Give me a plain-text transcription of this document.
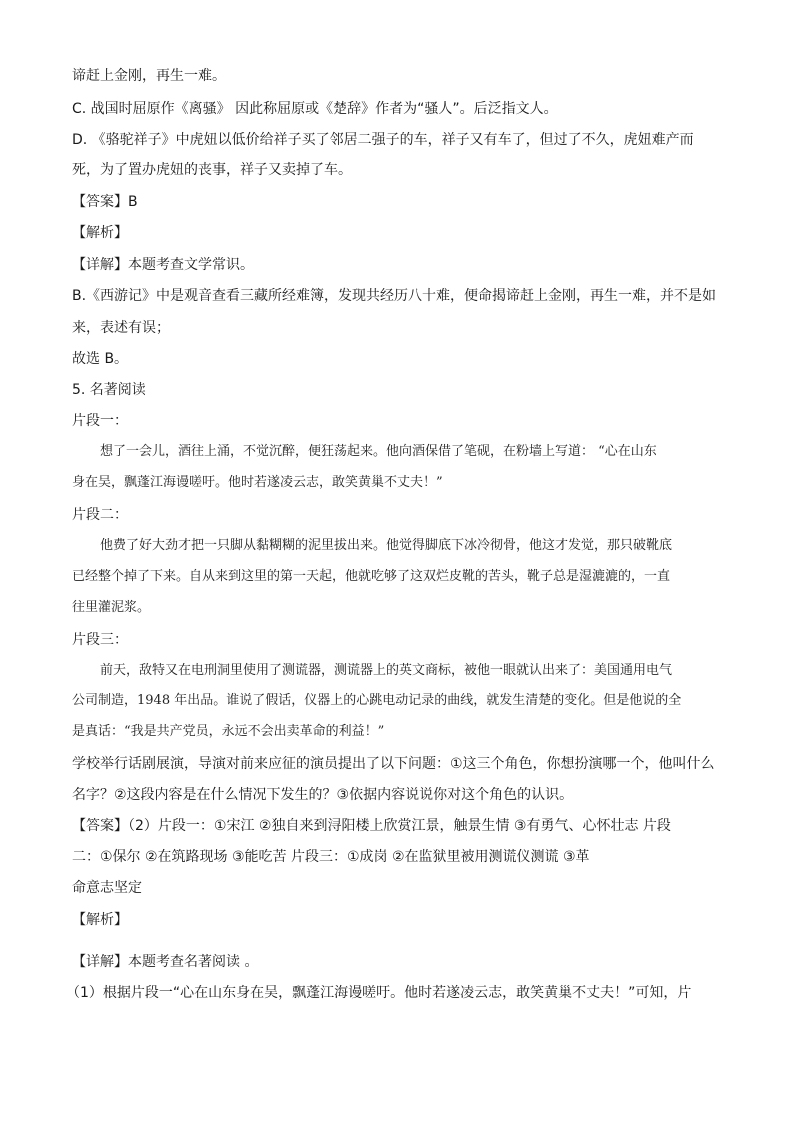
谛赶上金刚，再生一难。
C. 战国时屈原作《离骚》 因此称屈原或《楚辞》作者为“骚人”。后泛指文人。
D. 《骆驼祥子》中虎妞以低价给祥子买了邻居二强子的车，祥子又有车了，但过了不久，虎妞难产而
死，为了置办虎妞的丧事，祥子又卖掉了车。
【答案】B
【解析】
【详解】本题考查文学常识。
B.《西游记》中是观音查看三藏所经难簿，发现共经历八十难，便命揭谛赶上金刚，再生一难，并不是如
来，表述有误；
故选 B。
5. 名著阅读
片段一：
想了一会儿，酒往上涌，不觉沉醉，便狂荡起来。他向酒保借了笔砚，在粉墙上写道： “心在山东
身在吴，飘蓬江海谩嗟吁。他时若遂凌云志，敢笑黄巢不丈夫！”
片段二：
他费了好大劲才把一只脚从黏糊糊的泥里拔出来。他觉得脚底下冰冷彻骨，他这才发觉，那只破靴底
已经整个掉了下来。自从来到这里的第一天起，他就吃够了这双烂皮靴的苦头，靴子总是湿漉漉的，一直
往里灌泥浆。
片段三：
前天，敌特又在电刑洞里使用了测谎器，测谎器上的英文商标，被他一眼就认出来了：美国通用电气
公司制造，1948 年出品。谁说了假话，仪器上的心跳电动记录的曲线，就发生清楚的变化。但是他说的全
是真话：“我是共产党员，永远不会出卖革命的利益！”
学校举行话剧展演，导演对前来应征的演员提出了以下问题：①这三个角色，你想扮演哪一个，他叫什么
名字？②这段内容是在什么情况下发生的？③依据内容说说你对这个角色的认识。
【答案】（2）片段一：①宋江 ②独自来到浔阳楼上欣赏江景，触景生情 ③有勇气、心怀壮志 片段
二：①保尔 ②在筑路现场 ③能吃苦 片段三：①成岗 ②在监狱里被用测谎仪测谎 ③革
命意志坚定
【解析】
【详解】本题考查名著阅读 。
（1）根据片段一“心在山东身在吴，飘蓬江海谩嗟吁。他时若遂凌云志，敢笑黄巢不丈夫！”可知，片
